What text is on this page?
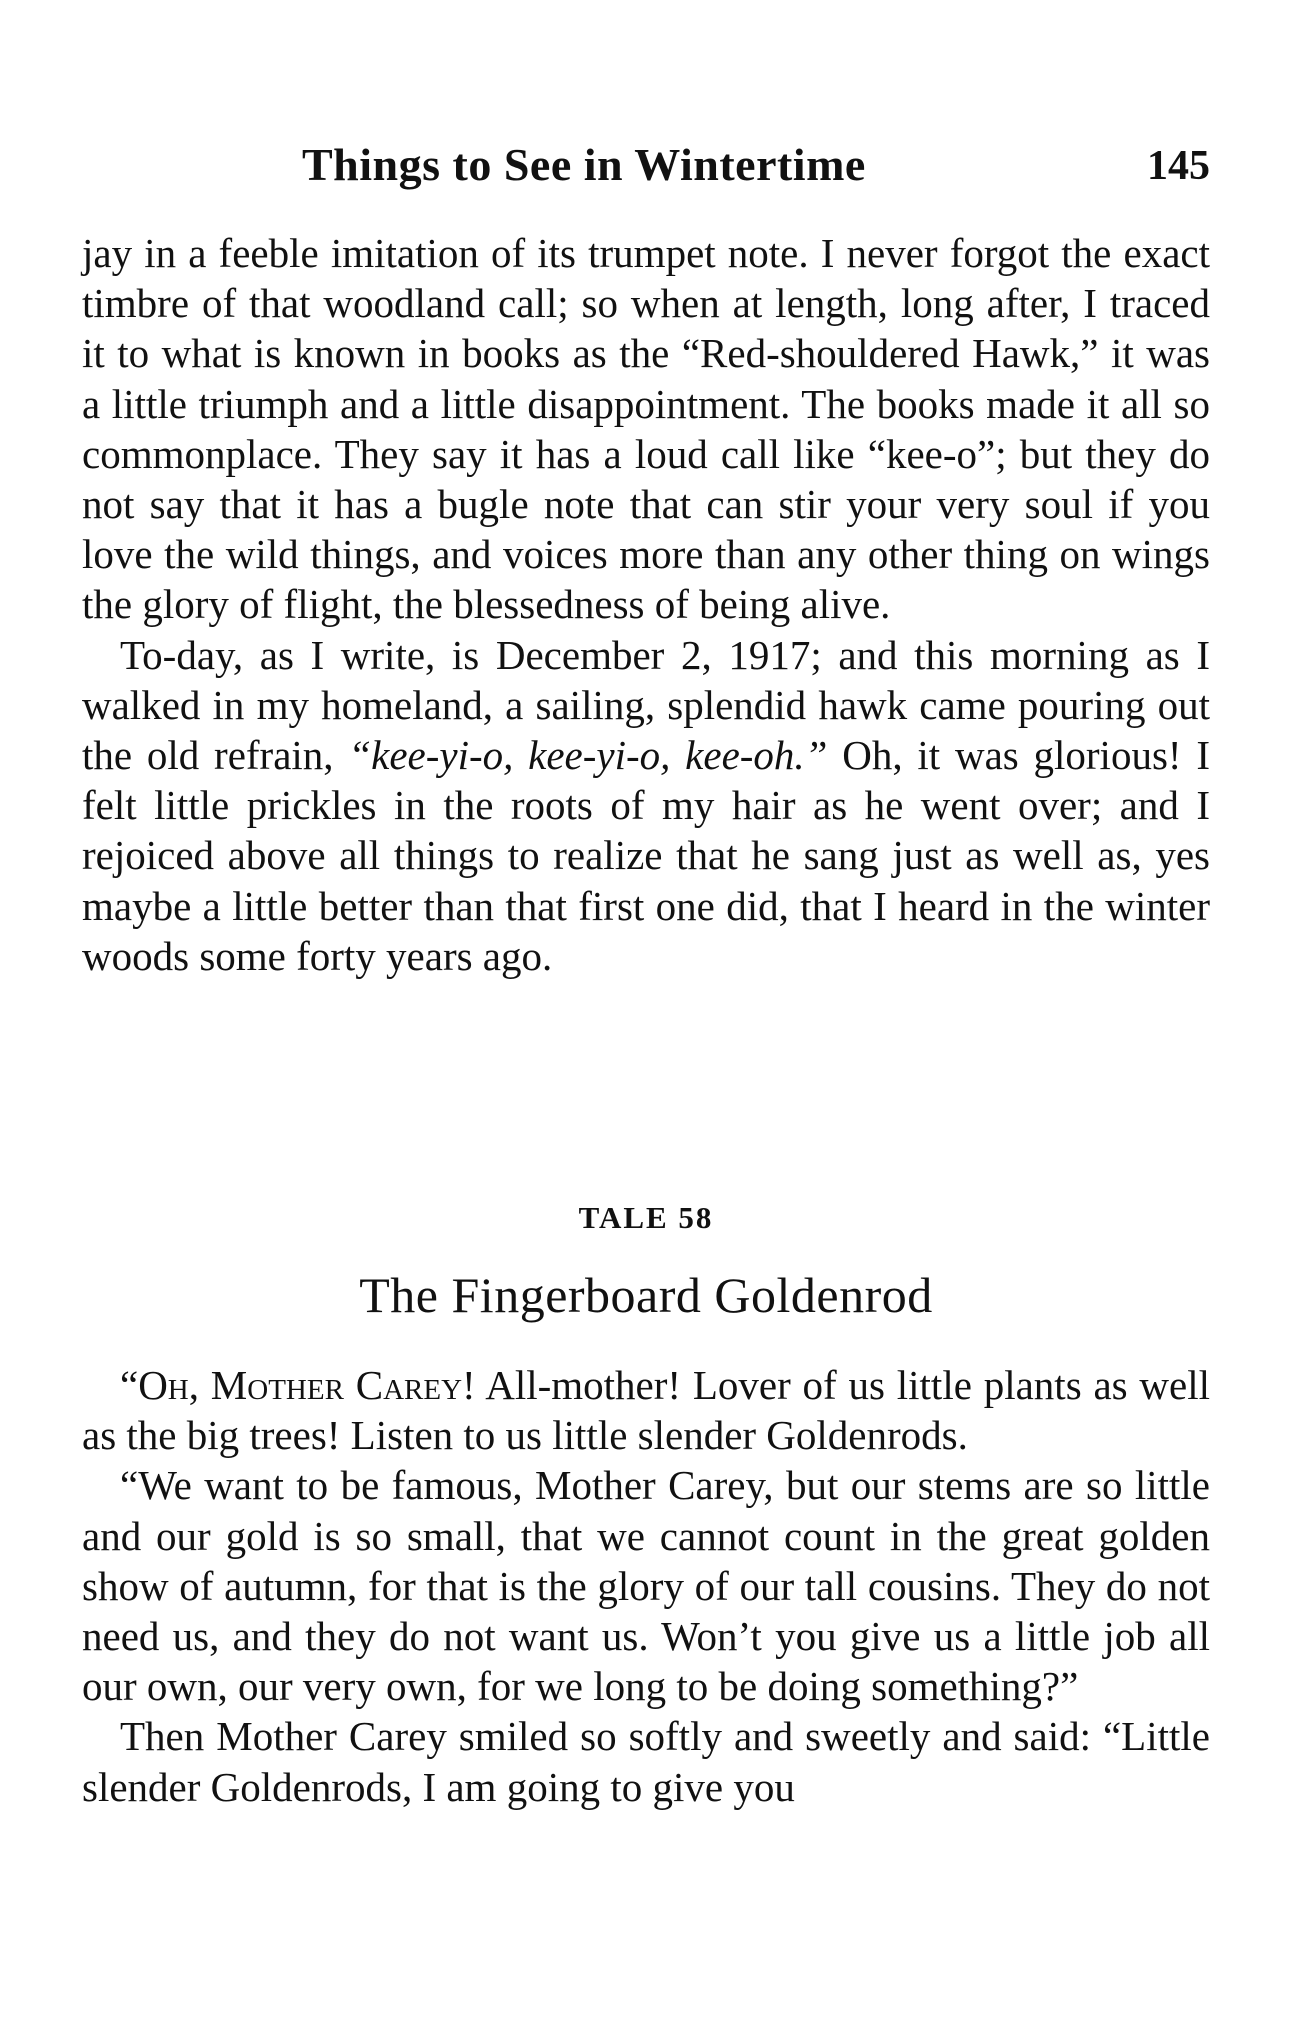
Things to See in Wintertime	145

jay in a feeble imitation of its trumpet note. I never forgot the exact timbre of that woodland call; so when at length, long after, I traced it to what is known in books as the “Red-shouldered Hawk,” it was a little triumph and a little disappointment. The books made it all so commonplace. They say it has a loud call like “kee-o”; but they do not say that it has a bugle note that can stir your very soul if you love the wild things, and voices more than any other thing on wings the glory of flight, the blessedness of being alive.

To-day, as I write, is December 2, 1917; and this morning as I walked in my homeland, a sailing, splendid hawk came pouring out the old refrain, “kee-yi-o, kee-yi-o, kee-oh.” Oh, it was glorious! I felt little prickles in the roots of my hair as he went over; and I rejoiced above all things to realize that he sang just as well as, yes maybe a little better than that first one did, that I heard in the winter woods some forty years ago.

TALE 58
The Fingerboard Goldenrod

“Oh, Mother Carey! All-mother! Lover of us little plants as well as the big trees! Listen to us little slender Goldenrods.

“We want to be famous, Mother Carey, but our stems are so little and our gold is so small, that we cannot count in the great golden show of autumn, for that is the glory of our tall cousins. They do not need us, and they do not want us. Won’t you give us a little job all our own, our very own, for we long to be doing something?”

Then Mother Carey smiled so softly and sweetly and said: “Little slender Goldenrods, I am going to give you
